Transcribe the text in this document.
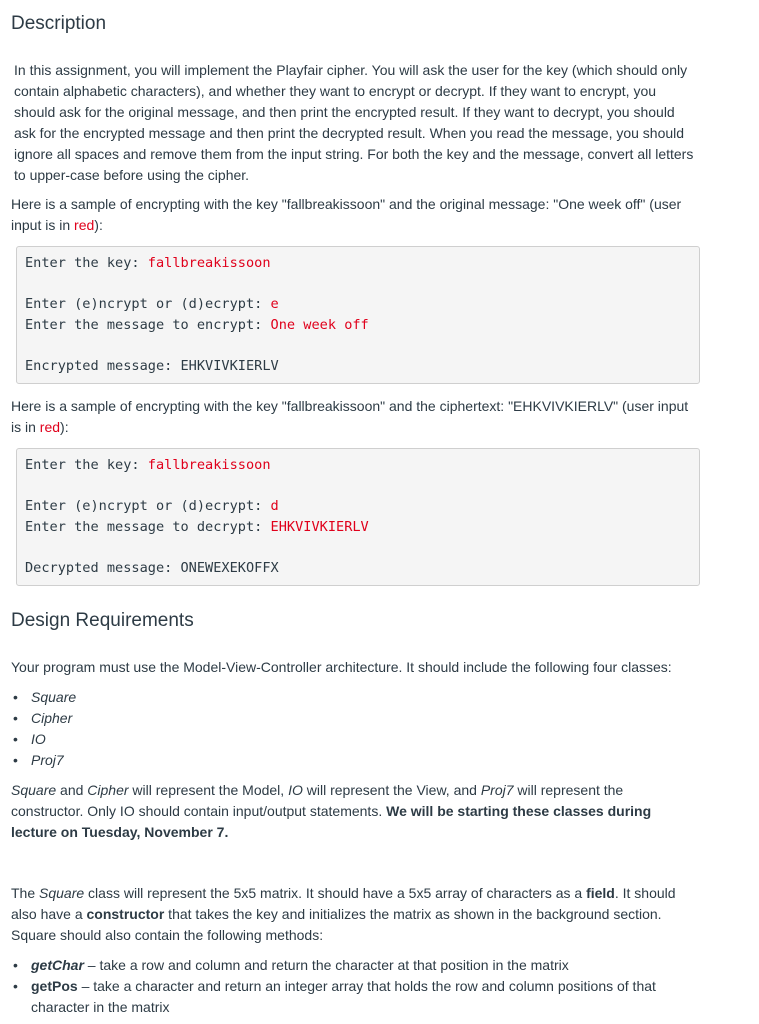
Description

In this assignment, you will implement the Playfair cipher. You will ask the user for the key (which should only contain alphabetic characters), and whether they want to encrypt or decrypt. If they want to encrypt, you should ask for the original message, and then print the encrypted result. If they want to decrypt, you should ask for the encrypted message and then print the decrypted result. When you read the message, you should ignore all spaces and remove them from the input string. For both the key and the message, convert all letters to upper-case before using the cipher.

Here is a sample of encrypting with the key "fallbreakissoon" and the original message: "One week off" (user input is in red):

Enter the key: fallbreakissoon
Enter (e)ncrypt or (d)ecrypt: e
Enter the message to encrypt: One week off
Encrypted message: EHKVIVKIERLV

Here is a sample of encrypting with the key "fallbreakissoon" and the ciphertext: "EHKVIVKIERLV" (user input is in red):

Enter the key: fallbreakissoon
Enter (e)ncrypt or (d)ecrypt: d
Enter the message to decrypt: EHKVIVKIERLV
Decrypted message: ONEWEXEKOFFX
Design Requirements

Your program must use the Model-View-Controller architecture. It should include the following four classes:

• Square
• Cipher
• IO
• Proj7

Square and Cipher will represent the Model, IO will represent the View, and Proj7 will represent the constructor. Only IO should contain input/output statements. We will be starting these classes during lecture on Tuesday, November 7.

The Square class will represent the 5x5 matrix. It should have a 5x5 array of characters as a field. It should also have a constructor that takes the key and initializes the matrix as shown in the background section. Square should also contain the following methods:

• getChar – take a row and column and return the character at that position in the matrix
• getPos – take a character and return an integer array that holds the row and column positions of that character in the matrix
